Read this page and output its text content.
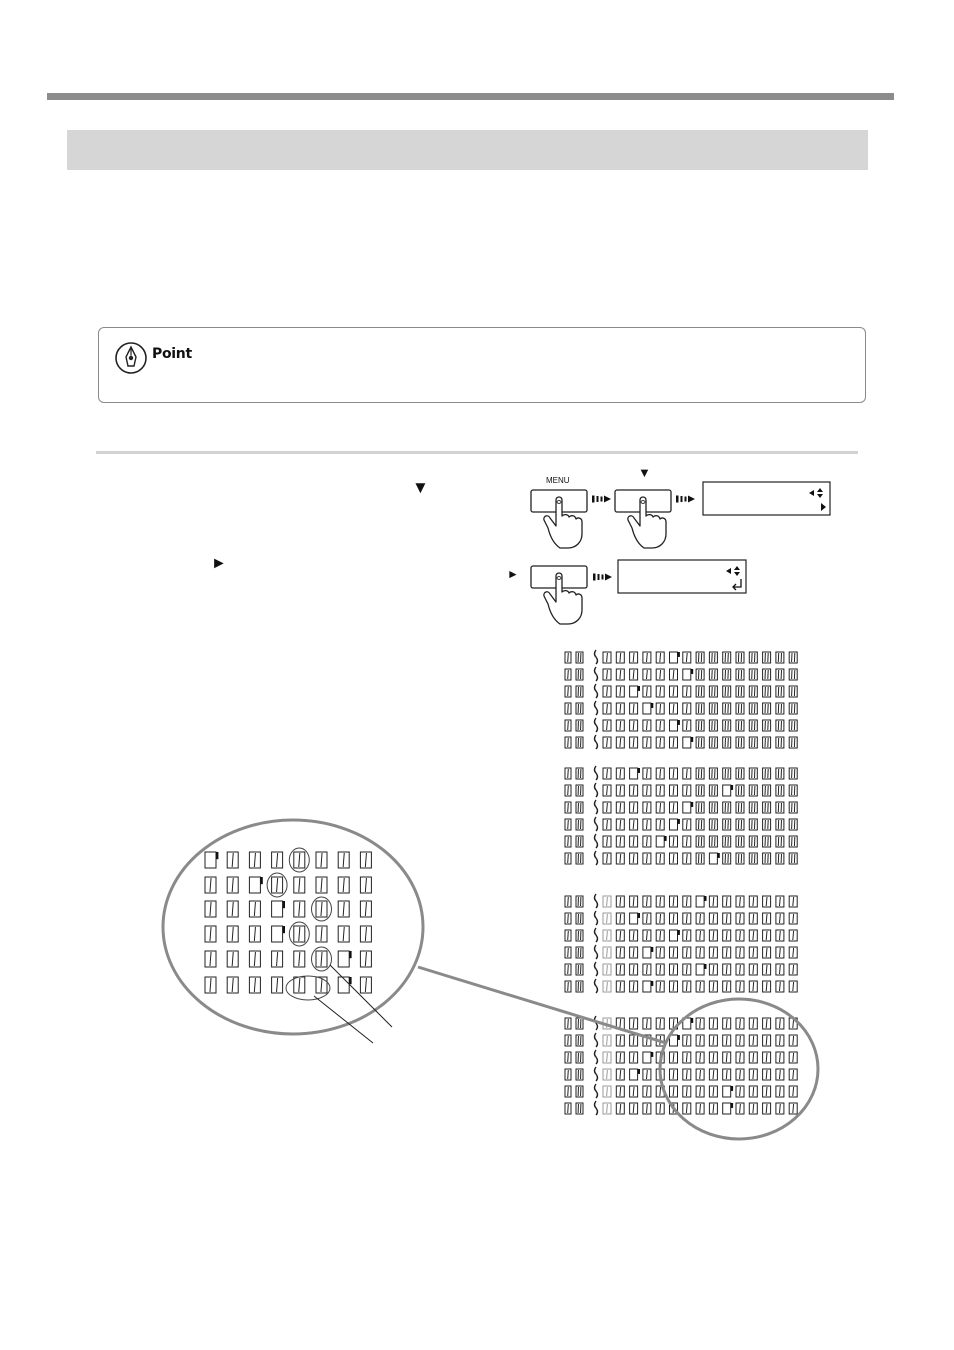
Point
▼
►
MENU
▼
►
